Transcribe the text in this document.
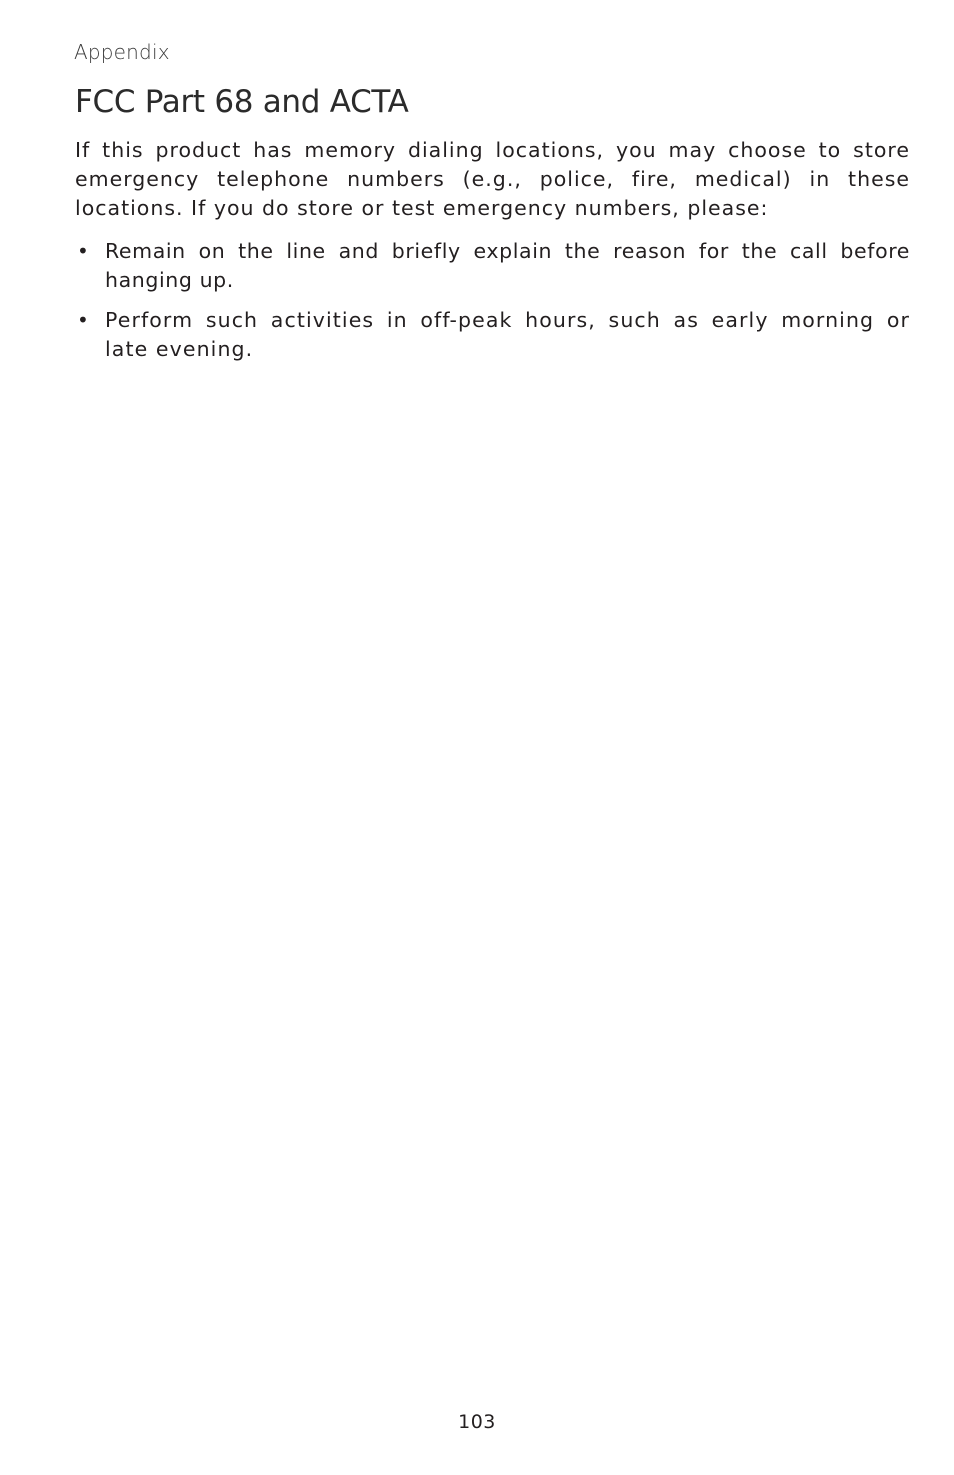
Appendix

FCC Part 68 and ACTA

If this product has memory dialing locations, you may choose to store emergency telephone numbers (e.g., police, fire, medical) in these locations. If you do store or test emergency numbers, please:

• Remain on the line and briefly explain the reason for the call before hanging up.
• Perform such activities in off-peak hours, such as early morning or late evening.

103
